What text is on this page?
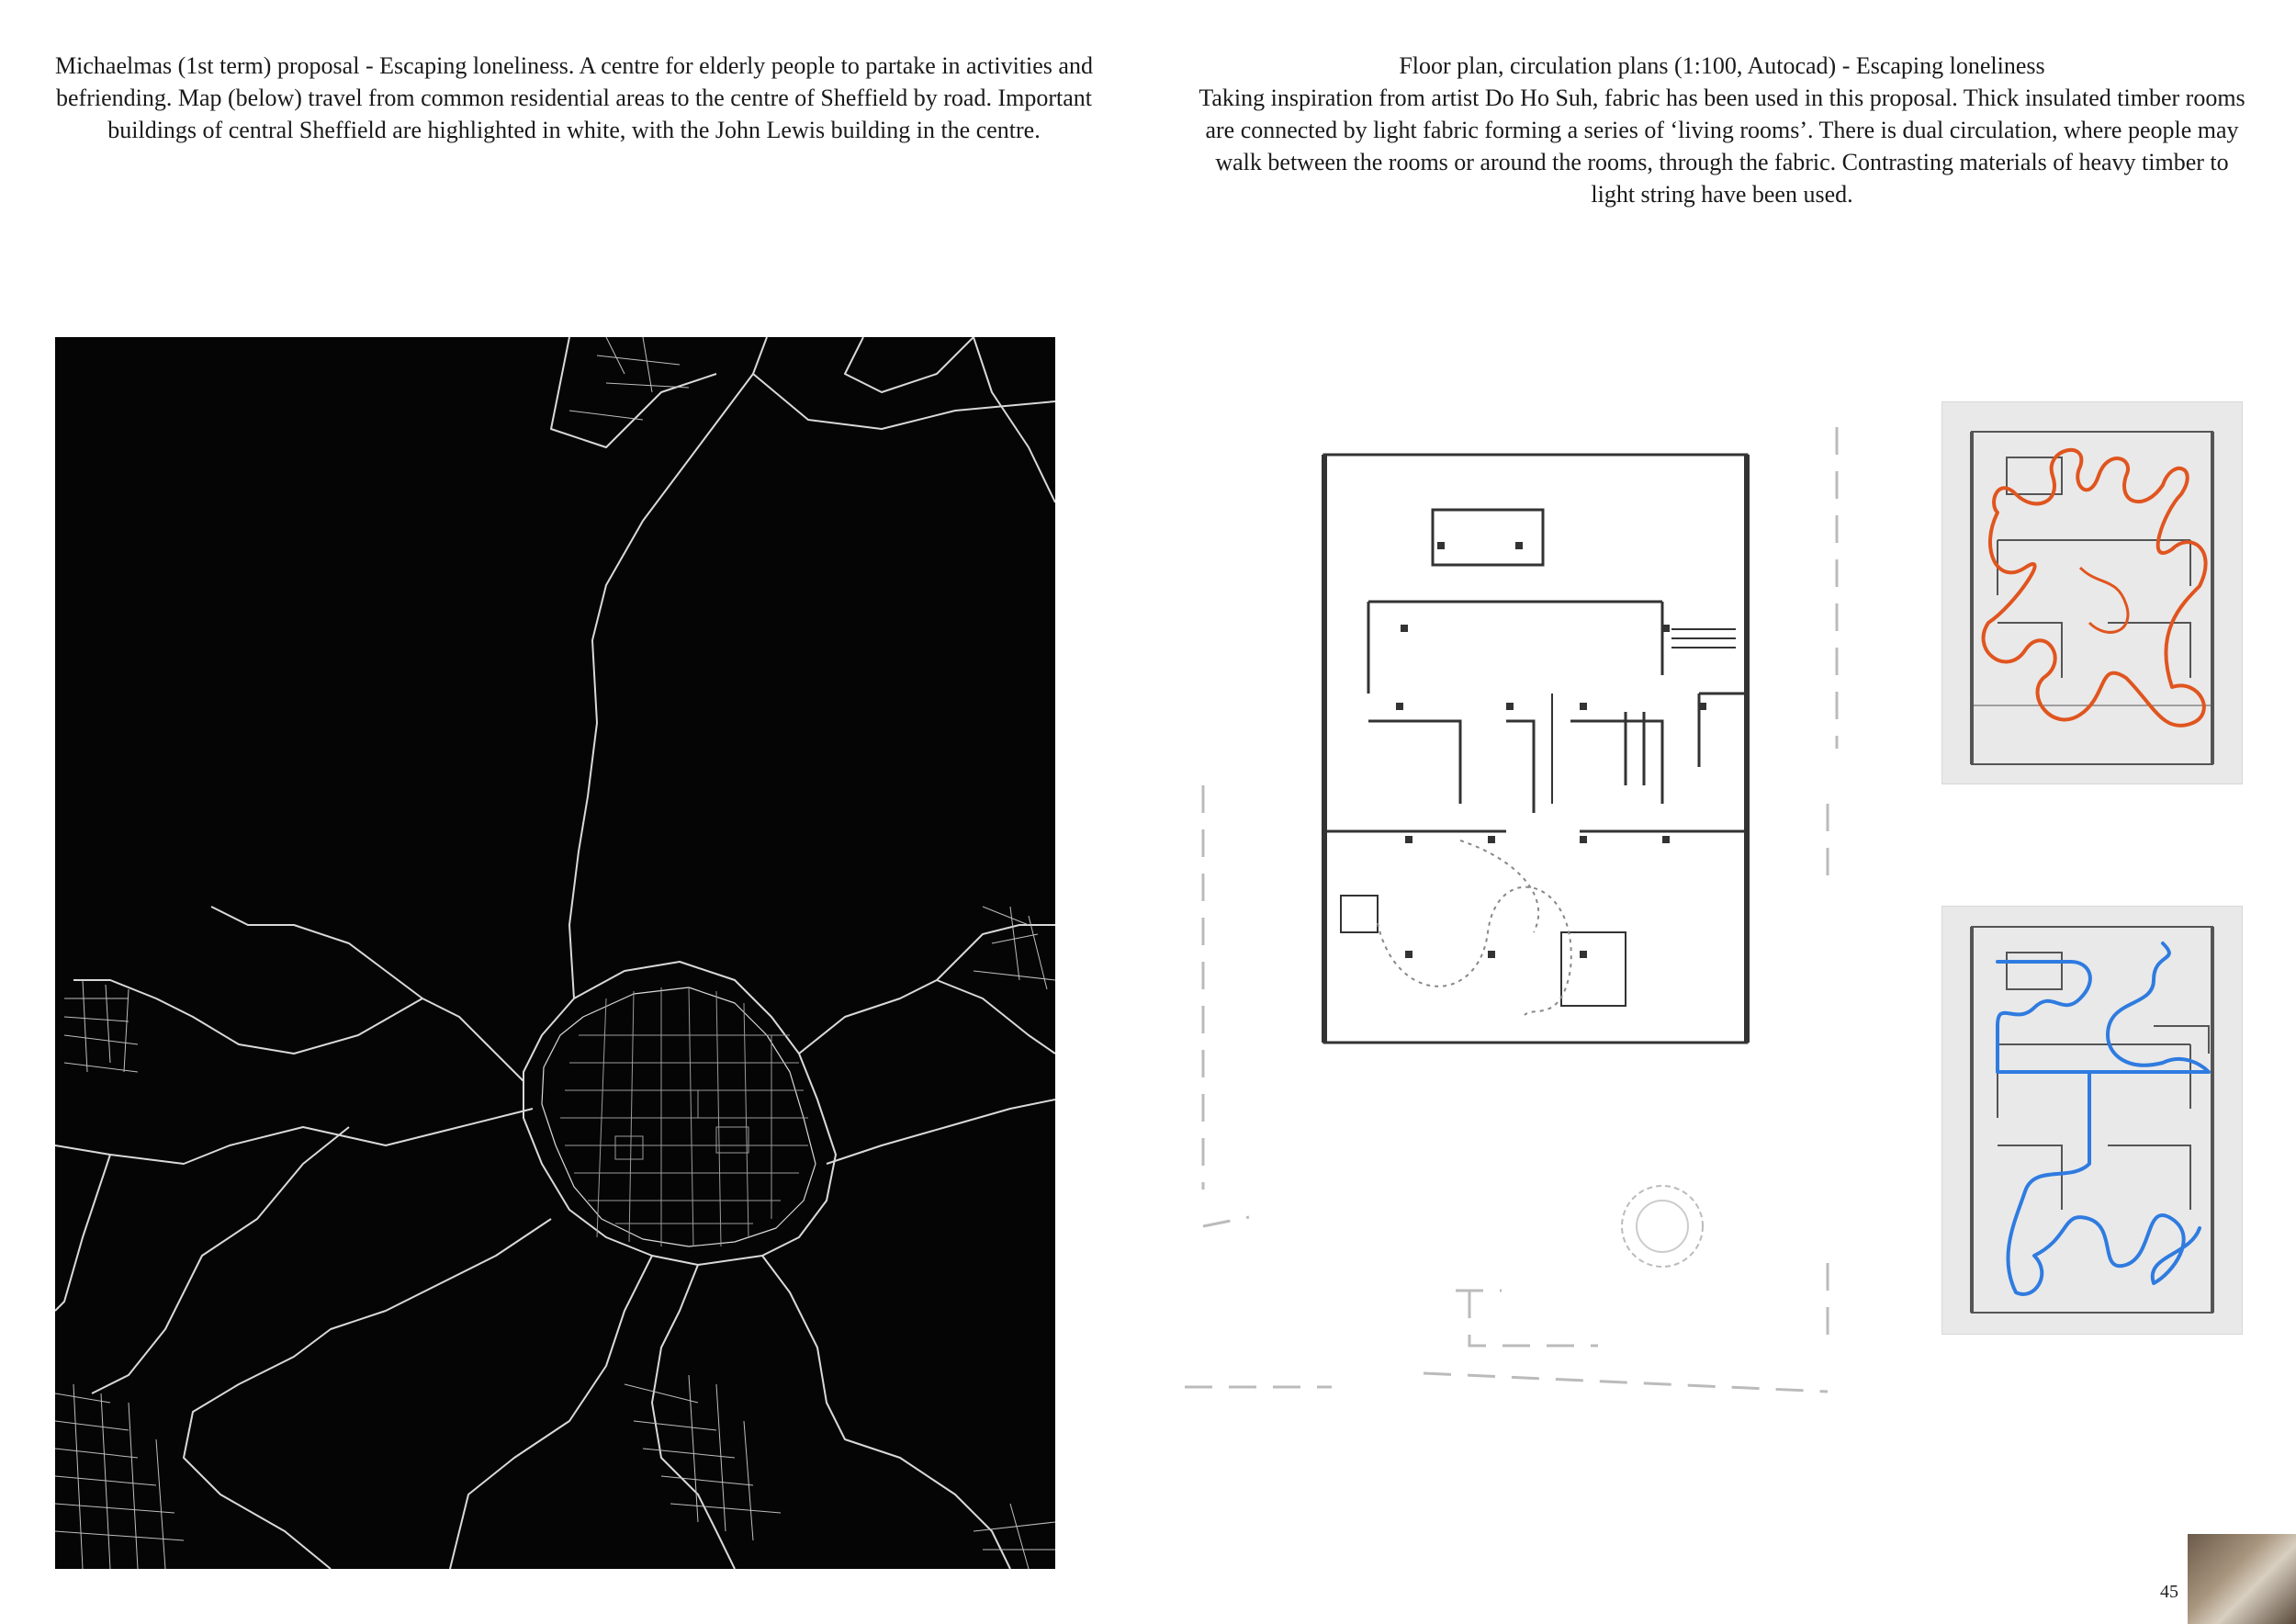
Michaelmas (1st term) proposal - Escaping loneliness. A centre for elderly people to partake in activities and befriending. Map (below) travel from common residential areas to the centre of Sheffield by road. Important buildings of central Sheffield are highlighted in white, with the John Lewis building in the centre.

Floor plan, circulation plans (1:100, Autocad) - Escaping loneliness

Taking inspiration from artist Do Ho Suh, fabric has been used in this proposal. Thick insulated timber rooms are connected by light fabric forming a series of ‘living rooms’. There is dual circulation, where people may walk between the rooms or around the rooms, through the fabric. Contrasting materials of heavy timber to light string have been used.

45
